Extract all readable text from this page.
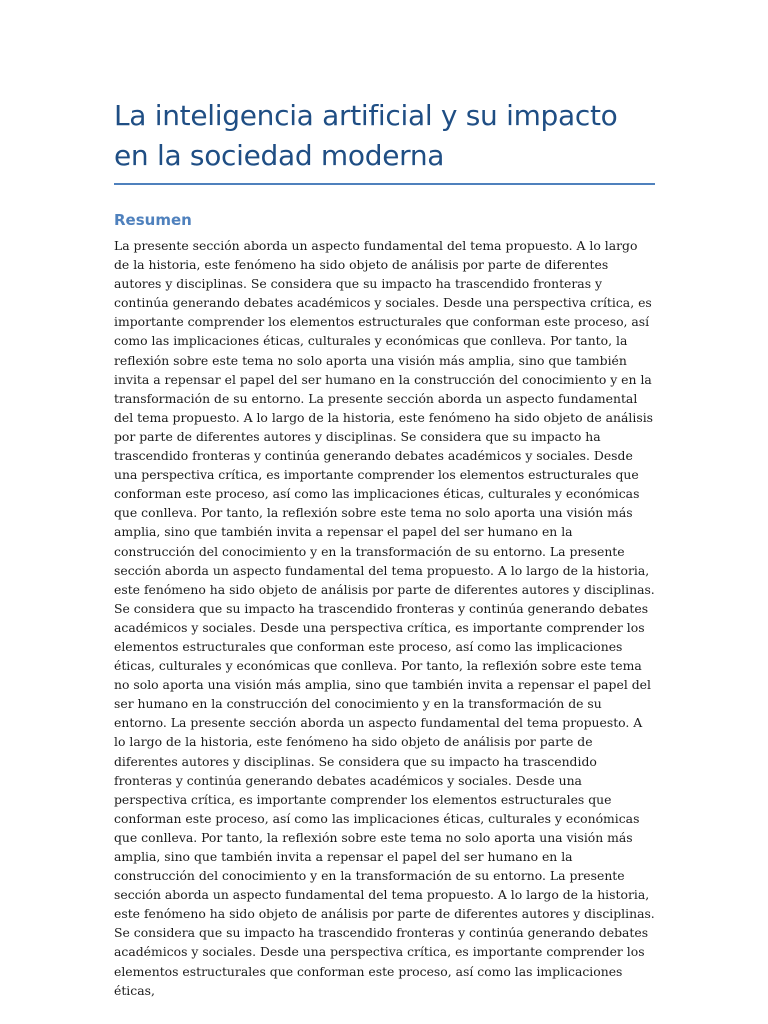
La inteligencia artificial y su impacto en la sociedad moderna
Resumen

La presente sección aborda un aspecto fundamental del tema propuesto. A lo largo de la historia, este fenómeno ha sido objeto de análisis por parte de diferentes autores y disciplinas. Se considera que su impacto ha trascendido fronteras y continúa generando debates académicos y sociales. Desde una perspectiva crítica, es importante comprender los elementos estructurales que conforman este proceso, así como las implicaciones éticas, culturales y económicas que conlleva. Por tanto, la reflexión sobre este tema no solo aporta una visión más amplia, sino que también invita a repensar el papel del ser humano en la construcción del conocimiento y en la transformación de su entorno. La presente sección aborda un aspecto fundamental del tema propuesto. A lo largo de la historia, este fenómeno ha sido objeto de análisis por parte de diferentes autores y disciplinas. Se considera que su impacto ha trascendido fronteras y continúa generando debates académicos y sociales. Desde una perspectiva crítica, es importante comprender los elementos estructurales que conforman este proceso, así como las implicaciones éticas, culturales y económicas que conlleva. Por tanto, la reflexión sobre este tema no solo aporta una visión más amplia, sino que también invita a repensar el papel del ser humano en la construcción del conocimiento y en la transformación de su entorno. La presente sección aborda un aspecto fundamental del tema propuesto. A lo largo de la historia, este fenómeno ha sido objeto de análisis por parte de diferentes autores y disciplinas. Se considera que su impacto ha trascendido fronteras y continúa generando debates académicos y sociales. Desde una perspectiva crítica, es importante comprender los elementos estructurales que conforman este proceso, así como las implicaciones éticas, culturales y económicas que conlleva. Por tanto, la reflexión sobre este tema no solo aporta una visión más amplia, sino que también invita a repensar el papel del ser humano en la construcción del conocimiento y en la transformación de su entorno. La presente sección aborda un aspecto fundamental del tema propuesto. A lo largo de la historia, este fenómeno ha sido objeto de análisis por parte de diferentes autores y disciplinas. Se considera que su impacto ha trascendido fronteras y continúa generando debates académicos y sociales. Desde una perspectiva crítica, es importante comprender los elementos estructurales que conforman este proceso, así como las implicaciones éticas, culturales y económicas que conlleva. Por tanto, la reflexión sobre este tema no solo aporta una visión más amplia, sino que también invita a repensar el papel del ser humano en la construcción del conocimiento y en la transformación de su entorno. La presente sección aborda un aspecto fundamental del tema propuesto. A lo largo de la historia, este fenómeno ha sido objeto de análisis por parte de diferentes autores y disciplinas. Se considera que su impacto ha trascendido fronteras y continúa generando debates académicos y sociales. Desde una perspectiva crítica, es importante comprender los elementos estructurales que conforman este proceso, así como las implicaciones éticas,
